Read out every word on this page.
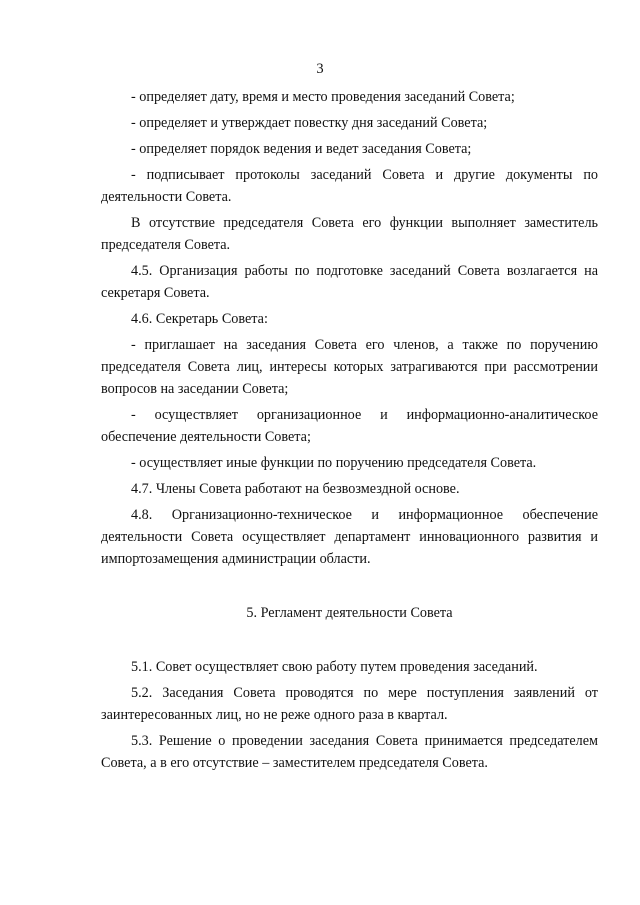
3

- определяет дату, время и место проведения заседаний Совета;

- определяет и утверждает повестку дня заседаний Совета;

- определяет порядок ведения и ведет заседания Совета;

- подписывает протоколы заседаний Совета и другие документы по деятельности Совета.

В отсутствие председателя Совета его функции выполняет заместитель председателя Совета.

4.5. Организация работы по подготовке заседаний Совета возлагается на секретаря Совета.

4.6. Секретарь Совета:

- приглашает на заседания Совета его членов, а также по поручению председателя Совета лиц, интересы которых затрагиваются при рассмотрении вопросов на заседании Совета;

- осуществляет организационное и информационно-аналитическое обеспечение деятельности Совета;

- осуществляет иные функции по поручению председателя Совета.

4.7. Члены Совета работают на безвозмездной основе.

4.8. Организационно-техническое и информационное обеспечение деятельности Совета осуществляет департамент инновационного развития и импортозамещения администрации области.

5. Регламент деятельности Совета

5.1. Совет осуществляет свою работу путем проведения заседаний.

5.2. Заседания Совета проводятся по мере поступления заявлений от заинтересованных лиц, но не реже одного раза в квартал.

5.3. Решение о проведении заседания Совета принимается председателем Совета, а в его отсутствие – заместителем председателя Совета.
